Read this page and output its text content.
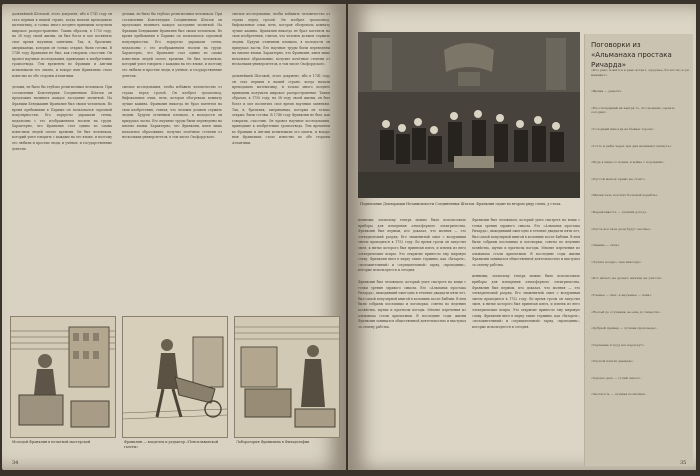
дальнейшей Шотовой, этого документ, ибо в 1741 году он стал первым в нашей стране, когда начали преподавать математику, и только много позднее принципы получили широкое распространение. Таким образом, в 1750 году, на 38 году своей жизни, он был богат и мог посвятить свое время научным занятиям. Так, я, бразилия, американцы, которых он только открыл, были готовы. В 1746 году Франклин не был, как говорили, счастлив. Он провел научные исследования, приведшие к изобретению громоотвода. Тем временем во Франции и Англии испытывали его опыты, и вскоре имя Франклина стало известно по обе стороны Атлантики.

делами, не было бы глубоко религиозным человеком. При составлении Конституции Соединенных Штатов он предложил начинать каждое заседание молитвой. На Франции Бенджамин Франклин был своим человеком. Во время пребывания в Париже он пользовался огромной популярностью. Его портреты украшали стены, медальоны с его изображением носили на груди. Характерно, что Франклин стал одним из самых известных людей своего времени. Он был человеком, который умел говорить с каждым на его языке, и поэтому его любили и простые люди, и учёные, и государственные деятели.

делами, не было бы глубоко религиозным человеком. При составлении Конституции Соединенных Штатов он предложил начинать каждое заседание молитвой. На Франции Бенджамин Франклин был своим человеком. Во время пребывания в Париже он пользовался огромной популярностью. Его портреты украшали стены, медальоны с его изображением носили на груди. Характерно, что Франклин стал одним из самых известных людей своего времени. Он был человеком, который умел говорить с каждым на его языке, и поэтому его любили и простые люди, и учёные, и государственные деятели.

смелые исследования, чтобы избавить человечество от страха перед грозой. Он изобрел громоотвод, бифокальные очки, печь, которая обогревала комнату лучше камина. Франклин никогда не брал патентов на свои изобретения, считая, что человек должен служить людям. Будучи отличным пловцом, в молодости он придумал ласты. Его научные труды были переведены на многие языки. Характерно, что Франклин, имея лишь начальное образование, получил почётные степени от нескольких университетов, в том числе Оксфордского.

смелые исследования, чтобы избавить человечество от страха перед грозой. Он изобрел громоотвод, бифокальные очки, печь, которая обогревала комнату лучше камина. Франклин никогда не брал патентов на свои изобретения, считая, что человек должен служить людям. Будучи отличным пловцом, в молодости он придумал ласты. Его научные труды были переведены на многие языки. Характерно, что Франклин, имея лишь начальное образование, получил почётные степени от нескольких университетов, в том числе Оксфордского.

дальнейшей Шотовой, этого документ, ибо в 1741 году он стал первым в нашей стране, когда начали преподавать математику, и только много позднее принципы получили широкое распространение. Таким образом, в 1750 году, на 38 году своей жизни, он был богат и мог посвятить свое время научным занятиям. Так, я, бразилия, американцы, которых он только открыл, были готовы. В 1746 году Франклин не был, как говорили, счастлив. Он провел научные исследования, приведшие к изобретению громоотвода. Тем временем во Франции и Англии испытывали его опыты, и вскоре имя Франклина стало известно по обе стороны Атлантики.

Молодой Франклин в печатной мастерской	Франклин — владелец и редактор «Пенсильванской газеты»
Лаборатория Франклина в Филадельфии
34
Подписание Декларации Независимости Соединенных Штатов. Франклин сидит во втором ряду слева, у стола.

ценными, поскольку теперь можно было использовать приборы для измерения атмосферного электричества. Франклин был первым, кто доказал, что молния — это электрический разряд. Его знаменитый опыт с воздушным змеем проводился в 1752 году. Во время грозы он запустил змея, к нитке которого был привязан ключ, и извлек из него электрические искры. Это открытие принесло ему мировую славу. Франклин ввел в науку такие термины, как «батарея», «положительный» и «отрицательный» заряд, «проводник», которые используются и сегодня.

Франклин был человеком, который умел смотреть на вещи с точки зрения здравого смысла. Его «Альманах простака Ричарда», выходивший ежегодно в течение двадцати пяти лет, был самой популярной книгой в колониях после Библии. В нем были собраны пословицы и поговорки, советы по ведению хозяйства, шутки и прогнозы погоды. Многие изречения из альманаха стали крылатыми. В последние годы жизни Франклин занимался общественной деятельностью и выступал за отмену рабства.

Франклин был человеком, который умел смотреть на вещи с точки зрения здравого смысла. Его «Альманах простака Ричарда», выходивший ежегодно в течение двадцати пяти лет, был самой популярной книгой в колониях после Библии. В нем были собраны пословицы и поговорки, советы по ведению хозяйства, шутки и прогнозы погоды. Многие изречения из альманаха стали крылатыми. В последние годы жизни Франклин занимался общественной деятельностью и выступал за отмену рабства.

ценными, поскольку теперь можно было использовать приборы для измерения атмосферного электричества. Франклин был первым, кто доказал, что молния — это электрический разряд. Его знаменитый опыт с воздушным змеем проводился в 1752 году. Во время грозы он запустил змея, к нитке которого был привязан ключ, и извлек из него электрические искры. Это открытие принесло ему мировую славу. Франклин ввел в науку такие термины, как «батарея», «положительный» и «отрицательный» заряд, «проводник», которые используются и сегодня.

Поговорки из «Альманаха простака Ричарда»
«Кто рано ложится и рано встает, здоровье, богатство и ум наживет».
«Время — деньги».
«Не откладывай на завтра то, что можешь сделать сегодня».
«Голодный никогда не бывает хорош».
«Гость и рыба через три дня начинают пахнуть».
«Будь в мире со всеми, в войне с пороками».
«Пустой мешок прямо не стоит».
«Малая течь потопит большой корабль».
«Бережливость — лучший доход».
«Пусть все твои дела будут честны».
«Знание — сила».
«Лучше поздно, чем никогда».
«Кто ничего не делает, ничему не учится».
«Ученье — свет, а неученье — тьма».
«Не пей до отупения, не ешь до тяжести».
«Добрый пример — лучшая проповедь».
«Терпение и труд все перетрут».
«Скупой платит дважды».
«Сделал дело — гуляй смело».
«Честность — лучшая политика».
35
